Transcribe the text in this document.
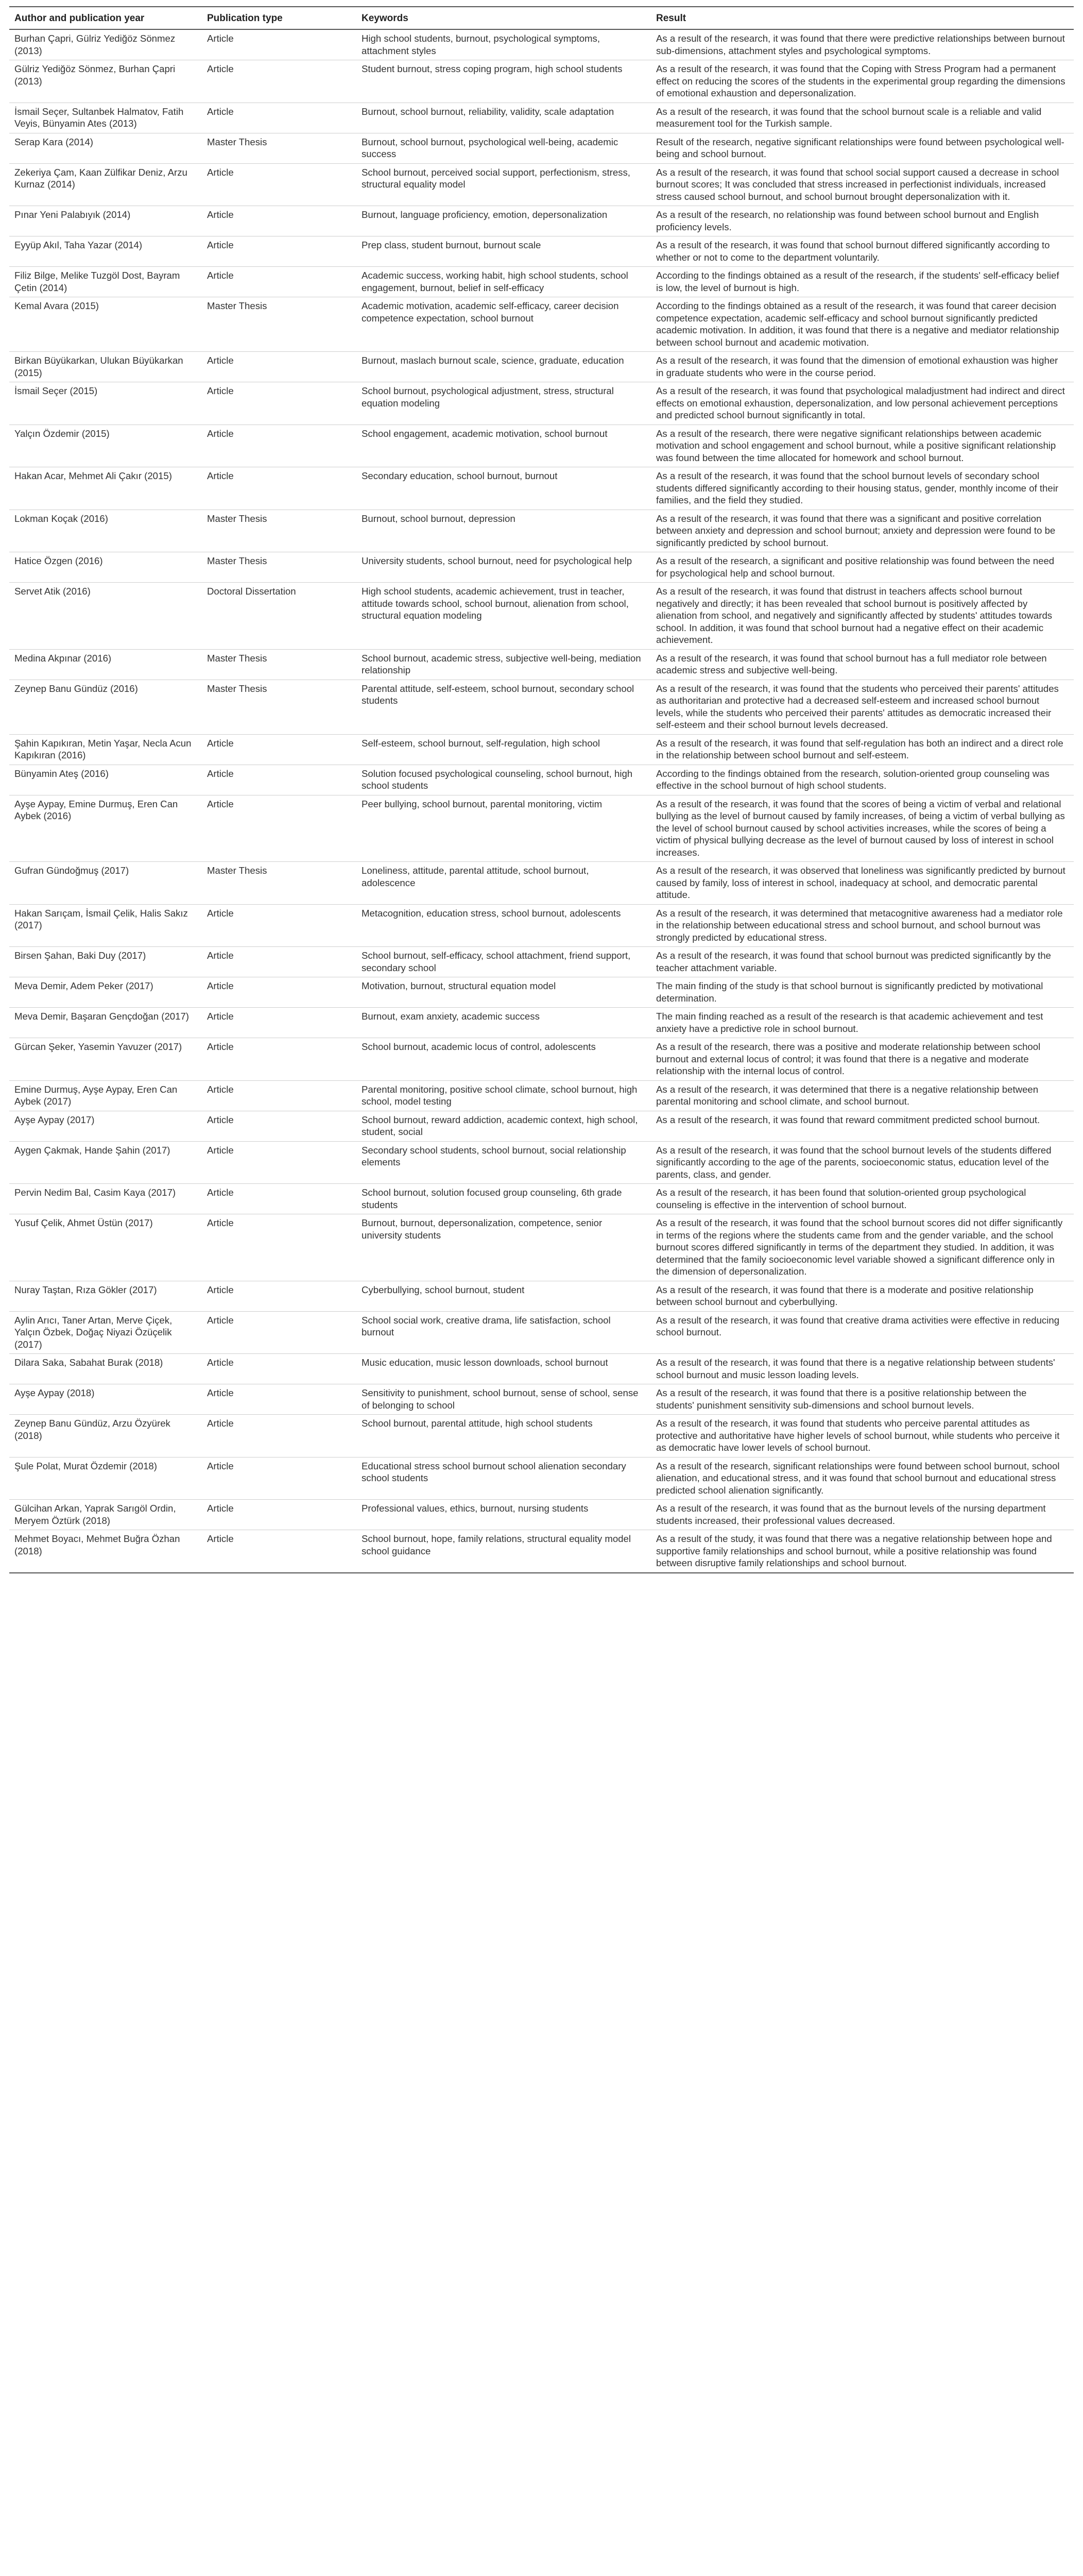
Author and publication year	Publication type	Keywords	Result
Burhan Çapri, Gülriz Yediğöz Sönmez (2013)	Article	High school students, burnout, psychological symptoms, attachment styles	As a result of the research, it was found that there were predictive relationships between burnout sub-dimensions, attachment styles and psychological symptoms.
Gülriz Yediğöz Sönmez, Burhan Çapri (2013)	Article	Student burnout, stress coping program, high school students	As a result of the research, it was found that the Coping with Stress Program had a permanent effect on reducing the scores of the students in the experimental group regarding the dimensions of emotional exhaustion and depersonalization.
İsmail Seçer, Sultanbek Halmatov, Fatih Veyis, Bünyamin Ates (2013)	Article	Burnout, school burnout, reliability, validity, scale adaptation	As a result of the research, it was found that the school burnout scale is a reliable and valid measurement tool for the Turkish sample.
Serap Kara (2014)	Master Thesis	Burnout, school burnout, psychological well-being, academic success	Result of the research, negative significant relationships were found between psychological well-being and school burnout.
Zekeriya Çam, Kaan Zülfikar Deniz, Arzu Kurnaz (2014)	Article	School burnout, perceived social support, perfectionism, stress, structural equality model	As a result of the research, it was found that school social support caused a decrease in school burnout scores; It was concluded that stress increased in perfectionist individuals, increased stress caused school burnout, and school burnout brought depersonalization with it.
Pınar Yeni Palabıyık (2014)	Article	Burnout, language proficiency, emotion, depersonalization	As a result of the research, no relationship was found between school burnout and English proficiency levels.
Eyyüp Akıl, Taha Yazar (2014)	Article	Prep class, student burnout, burnout scale	As a result of the research, it was found that school burnout differed significantly according to whether or not to come to the department voluntarily.
Filiz Bilge, Melike Tuzgöl Dost, Bayram Çetin (2014)	Article	Academic success, working habit, high school students, school engagement, burnout, belief in self-efficacy	According to the findings obtained as a result of the research, if the students' self-efficacy belief is low, the level of burnout is high.
Kemal Avara (2015)	Master Thesis	Academic motivation, academic self-efficacy, career decision competence expectation, school burnout	According to the findings obtained as a result of the research, it was found that career decision competence expectation, academic self-efficacy and school burnout significantly predicted academic motivation. In addition, it was found that there is a negative and mediator relationship between school burnout and academic motivation.
Birkan Büyükarkan, Ulukan Büyükarkan (2015)	Article	Burnout, maslach burnout scale, science, graduate, education	As a result of the research, it was found that the dimension of emotional exhaustion was higher in graduate students who were in the course period.
İsmail Seçer (2015)	Article	School burnout, psychological adjustment, stress, structural equation modeling	As a result of the research, it was found that psychological maladjustment had indirect and direct effects on emotional exhaustion, depersonalization, and low personal achievement perceptions and predicted school burnout significantly in total.
Yalçın Özdemir (2015)	Article	School engagement, academic motivation, school burnout	As a result of the research, there were negative significant relationships between academic motivation and school engagement and school burnout, while a positive significant relationship was found between the time allocated for homework and school burnout.
Hakan Acar, Mehmet Ali Çakır (2015)	Article	Secondary education, school burnout, burnout	As a result of the research, it was found that the school burnout levels of secondary school students differed significantly according to their housing status, gender, monthly income of their families, and the field they studied.
Lokman Koçak (2016)	Master Thesis	Burnout, school burnout, depression	As a result of the research, it was found that there was a significant and positive correlation between anxiety and depression and school burnout; anxiety and depression were found to be significantly predicted by school burnout.
Hatice Özgen (2016)	Master Thesis	University students, school burnout, need for psychological help	As a result of the research, a significant and positive relationship was found between the need for psychological help and school burnout.
Servet Atik (2016)	Doctoral Dissertation	High school students, academic achievement, trust in teacher, attitude towards school, school burnout, alienation from school, structural equation modeling	As a result of the research, it was found that distrust in teachers affects school burnout negatively and directly; it has been revealed that school burnout is positively affected by alienation from school, and negatively and significantly affected by students' attitudes towards school. In addition, it was found that school burnout had a negative effect on their academic achievement.
Medina Akpınar (2016)	Master Thesis	School burnout, academic stress, subjective well-being, mediation relationship	As a result of the research, it was found that school burnout has a full mediator role between academic stress and subjective well-being.
Zeynep Banu Gündüz (2016)	Master Thesis	Parental attitude, self-esteem, school burnout, secondary school students	As a result of the research, it was found that the students who perceived their parents' attitudes as authoritarian and protective had a decreased self-esteem and increased school burnout levels, while the students who perceived their parents' attitudes as democratic increased their self-esteem and their school burnout levels decreased.
Şahin Kapıkıran, Metin Yaşar, Necla Acun Kapıkıran (2016)	Article	Self-esteem, school burnout, self-regulation, high school	As a result of the research, it was found that self-regulation has both an indirect and a direct role in the relationship between school burnout and self-esteem.
Bünyamin Ateş (2016)	Article	Solution focused psychological counseling, school burnout, high school students	According to the findings obtained from the research, solution-oriented group counseling was effective in the school burnout of high school students.
Ayşe Aypay, Emine Durmuş, Eren Can Aybek (2016)	Article	Peer bullying, school burnout, parental monitoring, victim	As a result of the research, it was found that the scores of being a victim of verbal and relational bullying as the level of burnout caused by family increases, of being a victim of verbal bullying as the level of school burnout caused by school activities increases, while the scores of being a victim of physical bullying decrease as the level of burnout caused by loss of interest in school increases.
Gufran Gündoğmuş (2017)	Master Thesis	Loneliness, attitude, parental attitude, school burnout, adolescence	As a result of the research, it was observed that loneliness was significantly predicted by burnout caused by family, loss of interest in school, inadequacy at school, and democratic parental attitude.
Hakan Sarıçam, İsmail Çelik, Halis Sakız (2017)	Article	Metacognition, education stress, school burnout, adolescents	As a result of the research, it was determined that metacognitive awareness had a mediator role in the relationship between educational stress and school burnout, and school burnout was strongly predicted by educational stress.
Birsen Şahan, Baki Duy (2017)	Article	School burnout, self-efficacy, school attachment, friend support, secondary school	As a result of the research, it was found that school burnout was predicted significantly by the teacher attachment variable.
Meva Demir, Adem Peker (2017)	Article	Motivation, burnout, structural equation model	The main finding of the study is that school burnout is significantly predicted by motivational determination.
Meva Demir, Başaran Gençdoğan (2017)	Article	Burnout, exam anxiety, academic success	The main finding reached as a result of the research is that academic achievement and test anxiety have a predictive role in school burnout.
Gürcan Şeker, Yasemin Yavuzer (2017)	Article	School burnout, academic locus of control, adolescents	As a result of the research, there was a positive and moderate relationship between school burnout and external locus of control; it was found that there is a negative and moderate relationship with the internal locus of control.
Emine Durmuş, Ayşe Aypay, Eren Can Aybek (2017)	Article	Parental monitoring, positive school climate, school burnout, high school, model testing	As a result of the research, it was determined that there is a negative relationship between parental monitoring and school climate, and school burnout.
Ayşe Aypay (2017)	Article	School burnout, reward addiction, academic context, high school, student, social	As a result of the research, it was found that reward commitment predicted school burnout.
Aygen Çakmak, Hande Şahin (2017)	Article	Secondary school students, school burnout, social relationship elements	As a result of the research, it was found that the school burnout levels of the students differed significantly according to the age of the parents, socioeconomic status, education level of the parents, class, and gender.
Pervin Nedim Bal, Casim Kaya (2017)	Article	School burnout, solution focused group counseling, 6th grade students	As a result of the research, it has been found that solution-oriented group psychological counseling is effective in the intervention of school burnout.
Yusuf Çelik, Ahmet Üstün (2017)	Article	Burnout, burnout, depersonalization, competence, senior university students	As a result of the research, it was found that the school burnout scores did not differ significantly in terms of the regions where the students came from and the gender variable, and the school burnout scores differed significantly in terms of the department they studied. In addition, it was determined that the family socioeconomic level variable showed a significant difference only in the dimension of depersonalization.
Nuray Taştan, Rıza Gökler (2017)	Article	Cyberbullying, school burnout, student	As a result of the research, it was found that there is a moderate and positive relationship between school burnout and cyberbullying.
Aylin Arıcı, Taner Artan, Merve Çiçek, Yalçın Özbek, Doğaç Niyazi Özüçelik (2017)	Article	School social work, creative drama, life satisfaction, school burnout	As a result of the research, it was found that creative drama activities were effective in reducing school burnout.
Dilara Saka, Sabahat Burak (2018)	Article	Music education, music lesson downloads, school burnout	As a result of the research, it was found that there is a negative relationship between students' school burnout and music lesson loading levels.
Ayşe Aypay (2018)	Article	Sensitivity to punishment, school burnout, sense of school, sense of belonging to school	As a result of the research, it was found that there is a positive relationship between the students' punishment sensitivity sub-dimensions and school burnout levels.
Zeynep Banu Gündüz, Arzu Özyürek (2018)	Article	School burnout, parental attitude, high school students	As a result of the research, it was found that students who perceive parental attitudes as protective and authoritative have higher levels of school burnout, while students who perceive it as democratic have lower levels of school burnout.
Şule Polat, Murat Özdemir (2018)	Article	Educational stress school burnout school alienation secondary school students	As a result of the research, significant relationships were found between school burnout, school alienation, and educational stress, and it was found that school burnout and educational stress predicted school alienation significantly.
Gülcihan Arkan, Yaprak Sarıgöl Ordin, Meryem Öztürk (2018)	Article	Professional values, ethics, burnout, nursing students	As a result of the research, it was found that as the burnout levels of the nursing department students increased, their professional values decreased.
Mehmet Boyacı, Mehmet Buğra Özhan (2018)	Article	School burnout, hope, family relations, structural equality model school guidance	As a result of the study, it was found that there was a negative relationship between hope and supportive family relationships and school burnout, while a positive relationship was found between disruptive family relationships and school burnout.
